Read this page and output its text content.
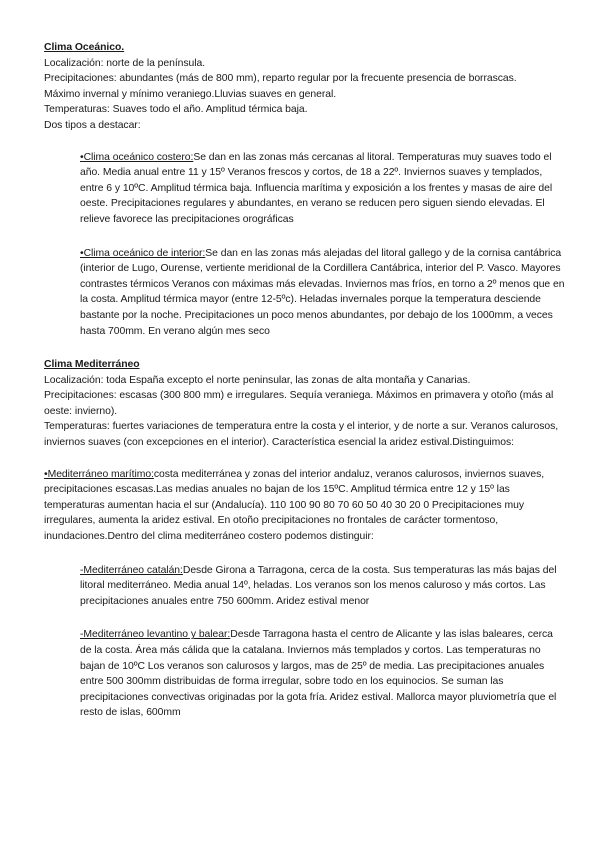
Clima Oceánico.
Localización: norte de la península.
Precipitaciones: abundantes (más de 800 mm), reparto regular por la frecuente presencia de borrascas.
Máximo invernal y mínimo veraniego.Lluvias suaves en general.
Temperaturas: Suaves todo el año. Amplitud térmica baja.
Dos tipos a destacar:
•Clima oceánico costero:Se dan en las zonas más cercanas al litoral. Temperaturas muy suaves todo el año. Media anual entre 11 y 15º Veranos frescos y cortos, de 18 a 22º. Inviernos suaves y templados, entre 6 y 10ºC. Amplitud térmica baja. Influencia marítima y exposición a los frentes y masas de aire del oeste. Precipitaciones regulares y abundantes, en verano se reducen pero siguen siendo elevadas. El relieve favorece las precipitaciones orográficas
•Clima oceánico de interior:Se dan en las zonas más alejadas del litoral gallego y de la cornisa cantábrica (interior de Lugo, Ourense, vertiente meridional de la Cordillera Cantábrica, interior del P. Vasco. Mayores contrastes térmicos Veranos con máximas más elevadas. Inviernos mas fríos, en torno a 2º menos que en la costa. Amplitud térmica mayor (entre 12-5ºc). Heladas invernales porque la temperatura desciende bastante por la noche. Precipitaciones un poco menos abundantes, por debajo de los 1000mm, a veces hasta 700mm. En verano algún mes seco
Clima Mediterráneo
Localización: toda España excepto el norte peninsular, las zonas de alta montaña y Canarias.
Precipitaciones: escasas (300 800 mm) e irregulares. Sequía veraniega. Máximos en primavera y otoño (más al oeste: invierno).
Temperaturas: fuertes variaciones de temperatura entre la costa y el interior, y de norte a sur. Veranos calurosos, inviernos suaves (con excepciones en el interior). Característica esencial la aridez estival.Distinguimos:
•Mediterráneo marítimo:costa mediterránea y zonas del interior andaluz, veranos calurosos, inviernos suaves, precipitaciones escasas.Las medias anuales no bajan de los 15ºC. Amplitud térmica entre 12 y 15º las temperaturas aumentan hacia el sur (Andalucía). 110 100 90 80 70 60 50 40 30 20 0 Precipitaciones muy irregulares, aumenta la aridez estival. En otoño precipitaciones no frontales de carácter tormentoso, inundaciones.Dentro del clima mediterráneo costero podemos distinguir:
-Mediterráneo catalán:Desde Girona a Tarragona, cerca de la costa. Sus temperaturas las más bajas del litoral mediterráneo. Media anual 14º, heladas. Los veranos son los menos caluroso y más cortos. Las precipitaciones anuales entre 750 600mm. Aridez estival menor
-Mediterráneo levantino y balear:Desde Tarragona hasta el centro de Alicante y las islas baleares, cerca de la costa. Área más cálida que la catalana. Inviernos más templados y cortos. Las temperaturas no bajan de 10ºC Los veranos son calurosos y largos, mas de 25º de media. Las precipitaciones anuales entre 500 300mm distribuidas de forma irregular, sobre todo en los equinocios. Se suman las precipitaciones convectivas originadas por la gota fría. Aridez estival. Mallorca mayor pluviometría que el resto de islas, 600mm
